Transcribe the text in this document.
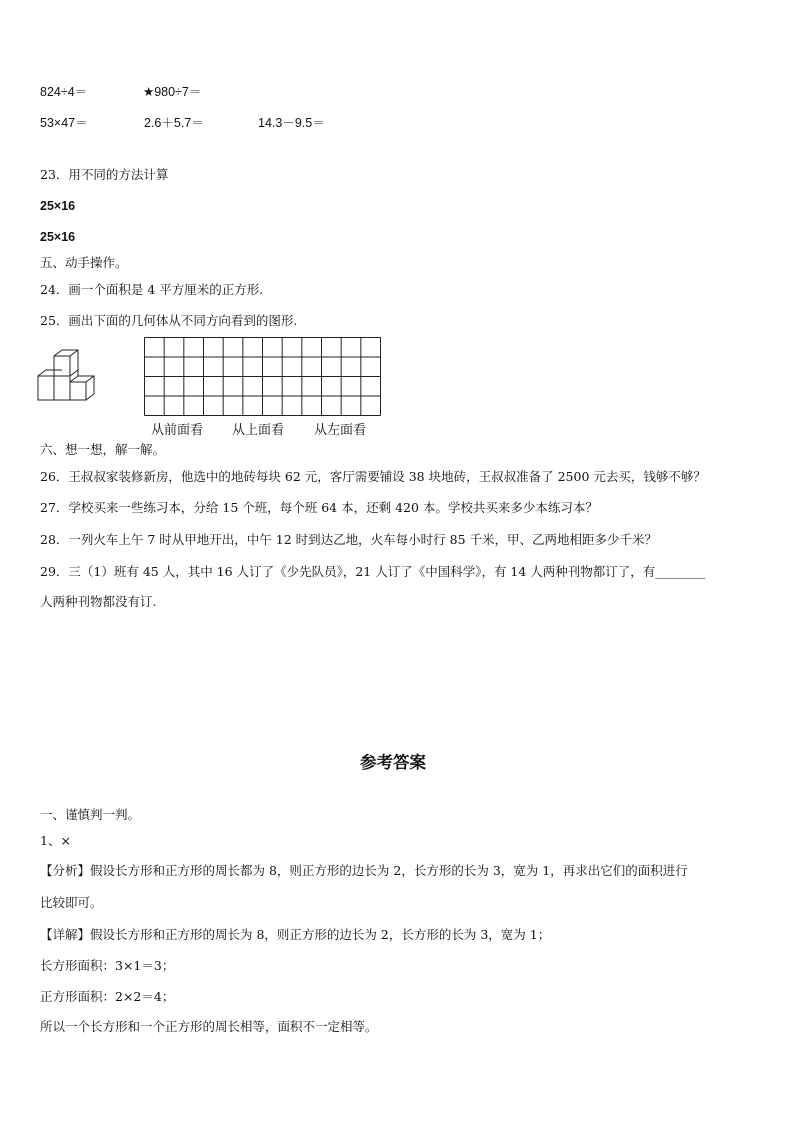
824÷4＝	★980÷7＝
53×47＝	2.6＋5.7＝	14.3－9.5＝
23．用不同的方法计算
25×16
25×16
五、动手操作。
24．画一个面积是 4 平方厘米的正方形.
25．画出下面的几何体从不同方向看到的图形.
从前面看 从上面看 从左面看
六、想一想，解一解。
26．王叔叔家装修新房，他选中的地砖每块 62 元，客厅需要铺设 38 块地砖，王叔叔准备了 2500 元去买，钱够不够？
27．学校买来一些练习本，分给 15 个班，每个班 64 本，还剩 420 本。学校共买来多少本练习本？
28．一列火车上午 7 时从甲地开出，中午 12 时到达乙地，火车每小时行 85 千米，甲、乙两地相距多少千米？
29．三（1）班有 45 人，其中 16 人订了《少先队员》，21 人订了《中国科学》，有 14 人两种刊物都订了，有________
人两种刊物都没有订.
参考答案
一、谨慎判一判。
1、×
【分析】假设长方形和正方形的周长都为 8，则正方形的边长为 2，长方形的长为 3，宽为 1，再求出它们的面积进行
比较即可。
【详解】假设长方形和正方形的周长为 8，则正方形的边长为 2，长方形的长为 3，宽为 1；
长方形面积：3×1＝3；
正方形面积：2×2＝4；
所以一个长方形和一个正方形的周长相等，面积不一定相等。
